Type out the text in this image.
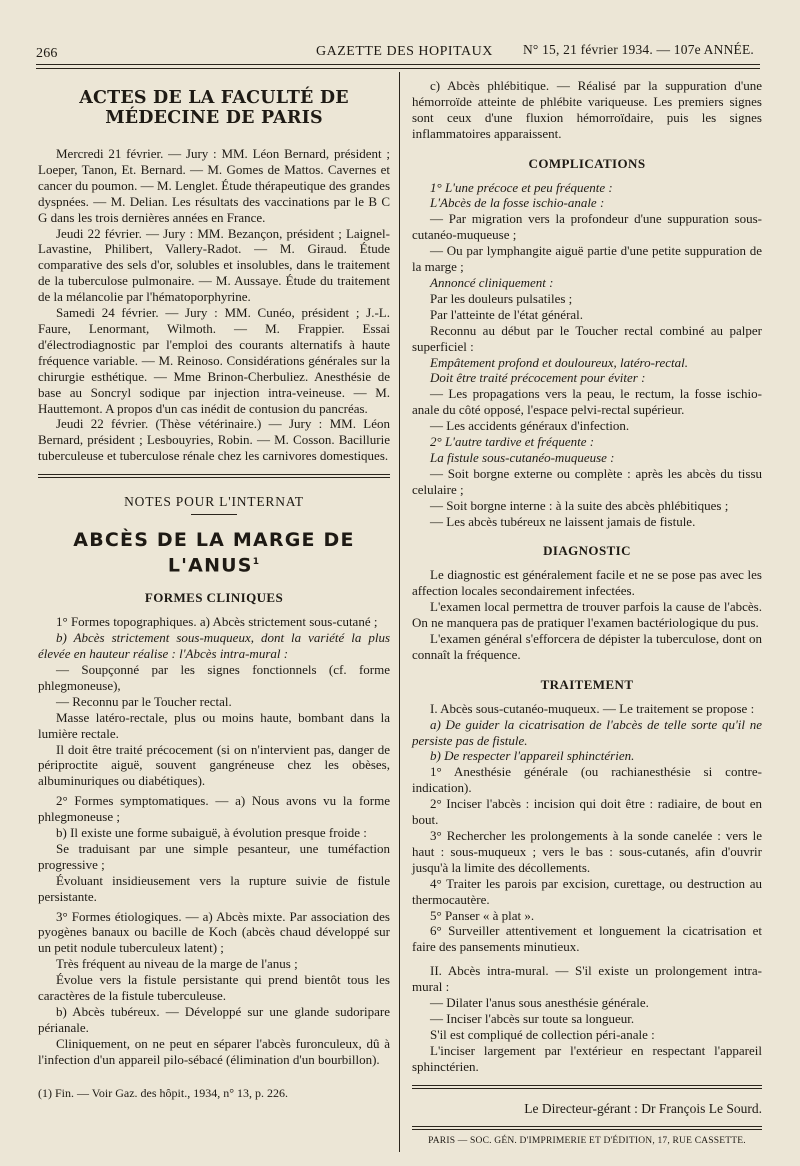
266	GAZETTE DES HOPITAUX N° 15, 21 février 1934. — 107e ANNÉE.

ACTES DE LA FACULTÉ DE MÉDECINE DE PARIS

Mercredi 21 février. — Jury : MM. Léon Bernard, président ; Loeper, Tanon, Et. Bernard. — M. Gomes de Mattos. Cavernes et cancer du poumon. — M. Lenglet. Étude thérapeutique des grandes dyspnées. — M. Delian. Les résultats des vaccinations par le B C G dans les trois dernières années en France.

Jeudi 22 février. — Jury : MM. Bezançon, président ; Laignel-Lavastine, Philibert, Vallery-Radot. — M. Giraud. Étude comparative des sels d'or, solubles et insolubles, dans le traitement de la tuberculose pulmonaire. — M. Aussaye. Étude du traitement de la mélancolie par l'hématoporphyrine.

Samedi 24 février. — Jury : MM. Cunéo, président ; J.-L. Faure, Lenormant, Wilmoth. — M. Frappier. Essai d'électrodiagnostic par l'emploi des courants alternatifs à haute fréquence variable. — M. Reinoso. Considérations générales sur la chirurgie esthétique. — Mme Brinon-Cherbuliez. Anesthésie de base au Soncryl sodique par injection intra-veineuse. — M. Hauttemont. A propos d'un cas inédit de contusion du pancréas.

Jeudi 22 février. (Thèse vétérinaire.) — Jury : MM. Léon Bernard, président ; Lesbouyries, Robin. — M. Cosson. Bacillurie tuberculeuse et tuberculose rénale chez les carnivores domestiques.

NOTES POUR L'INTERNAT

ABCÈS DE LA MARGE DE L'ANUS$^1$

FORMES CLINIQUES

1° Formes topographiques. a) Abcès strictement sous-cutané ;

b) Abcès strictement sous-muqueux, dont la variété la plus élevée en hauteur réalise : l'Abcès intra-mural :

— Soupçonné par les signes fonctionnels (cf. forme phlegmoneuse),

— Reconnu par le Toucher rectal.

Masse latéro-rectale, plus ou moins haute, bombant dans la lumière rectale.

Il doit être traité précocement (si on n'intervient pas, danger de périproctite aiguë, souvent gangréneuse chez les obèses, albuminuriques ou diabétiques).

2° Formes symptomatiques. — a) Nous avons vu la forme phlegmoneuse ;

b) Il existe une forme subaiguë, à évolution presque froide :

Se traduisant par une simple pesanteur, une tuméfaction progressive ;

Évoluant insidieusement vers la rupture suivie de fistule persistante.

3° Formes étiologiques. — a) Abcès mixte. Par association des pyogènes banaux ou bacille de Koch (abcès chaud développé sur un petit nodule tuberculeux latent) ;

Très fréquent au niveau de la marge de l'anus ;

Évolue vers la fistule persistante qui prend bientôt tous les caractères de la fistule tuberculeuse.

b) Abcès tubéreux. — Développé sur une glande sudoripare périanale.

Cliniquement, on ne peut en séparer l'abcès furonculeux, dû à l'infection d'un appareil pilo-sébacé (élimination d'un bourbillon).

(1) Fin. — Voir Gaz. des hôpit., 1934, n° 13, p. 226.

c) Abcès phlébitique. — Réalisé par la suppuration d'une hémorroïde atteinte de phlébite variqueuse. Les premiers signes sont ceux d'une fluxion hémorroïdaire, puis les signes inflammatoires apparaissent.

COMPLICATIONS

1° L'une précoce et peu fréquente :

L'Abcès de la fosse ischio-anale :

— Par migration vers la profondeur d'une suppuration sous-cutanéo-muqueuse ;

— Ou par lymphangite aiguë partie d'une petite suppuration de la marge ;

Annoncé cliniquement :

Par les douleurs pulsatiles ;

Par l'atteinte de l'état général.

Reconnu au début par le Toucher rectal combiné au palper superficiel :

Empâtement profond et douloureux, latéro-rectal.

Doit être traité précocement pour éviter :

— Les propagations vers la peau, le rectum, la fosse ischio-anale du côté opposé, l'espace pelvi-rectal supérieur.

— Les accidents généraux d'infection.

2° L'autre tardive et fréquente :

La fistule sous-cutanéo-muqueuse :

— Soit borgne externe ou complète : après les abcès du tissu celulaire ;

— Soit borgne interne : à la suite des abcès phlébitiques ;

— Les abcès tubéreux ne laissent jamais de fistule.

DIAGNOSTIC

Le diagnostic est généralement facile et ne se pose pas avec les affection locales secondairement infectées.

L'examen local permettra de trouver parfois la cause de l'abcès. On ne manquera pas de pratiquer l'examen bactériologique du pus.

L'examen général s'efforcera de dépister la tuberculose, dont on connaît la fréquence.

TRAITEMENT

I. Abcès sous-cutanéo-muqueux. — Le traitement se propose :

a) De guider la cicatrisation de l'abcès de telle sorte qu'il ne persiste pas de fistule.

b) De respecter l'appareil sphinctérien.

1° Anesthésie générale (ou rachianesthésie si contre-indication).

2° Inciser l'abcès : incision qui doit être : radiaire, de bout en bout.

3° Rechercher les prolongements à la sonde canelée : vers le haut : sous-muqueux ; vers le bas : sous-cutanés, afin d'ouvrir jusqu'à la limite des décollements.

4° Traiter les parois par excision, curettage, ou destruction au thermocautère.

5° Panser « à plat ».

6° Surveiller attentivement et longuement la cicatrisation et faire des pansements minutieux.

II. Abcès intra-mural. — S'il existe un prolongement intra-mural :

— Dilater l'anus sous anesthésie générale.

— Inciser l'abcès sur toute sa longueur.

S'il est compliqué de collection péri-anale :

L'inciser largement par l'extérieur en respectant l'appareil sphinctérien.

Le Directeur-gérant : Dr François Le Sourd.

PARIS — SOC. GÉN. D'IMPRIMERIE ET D'ÉDITION, 17, RUE CASSETTE.
